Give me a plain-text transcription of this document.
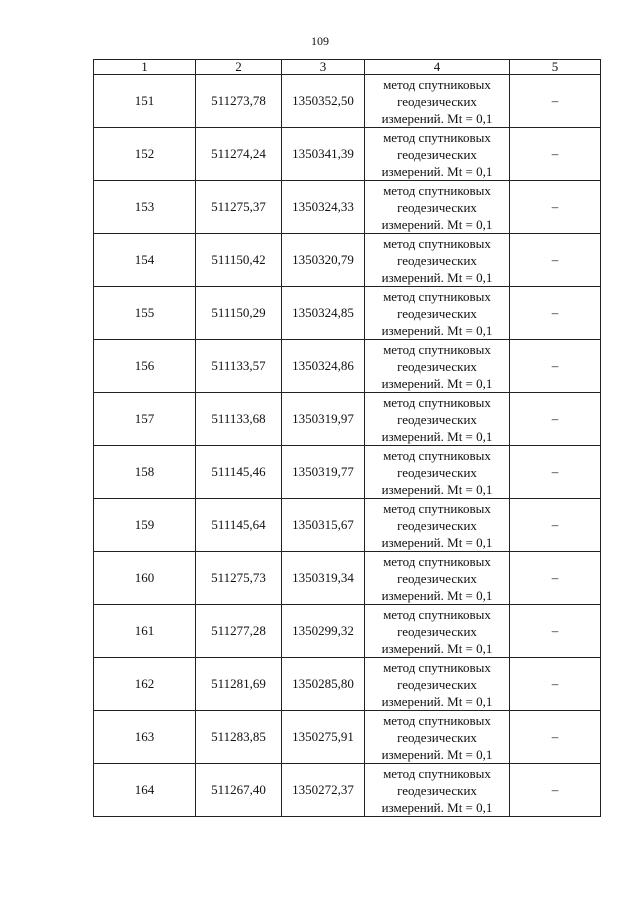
109
1	2	3	4	5
151	511273,78	1350352,50	метод спутниковых
геодезических
измерений. Mt = 0,1	–
152	511274,24	1350341,39	метод спутниковых
геодезических
измерений. Mt = 0,1	–
153	511275,37	1350324,33	метод спутниковых
геодезических
измерений. Mt = 0,1	–
154	511150,42	1350320,79	метод спутниковых
геодезических
измерений. Mt = 0,1	–
155	511150,29	1350324,85	метод спутниковых
геодезических
измерений. Mt = 0,1	–
156	511133,57	1350324,86	метод спутниковых
геодезических
измерений. Mt = 0,1	–
157	511133,68	1350319,97	метод спутниковых
геодезических
измерений. Mt = 0,1	–
158	511145,46	1350319,77	метод спутниковых
геодезических
измерений. Mt = 0,1	–
159	511145,64	1350315,67	метод спутниковых
геодезических
измерений. Mt = 0,1	–
160	511275,73	1350319,34	метод спутниковых
геодезических
измерений. Mt = 0,1	–
161	511277,28	1350299,32	метод спутниковых
геодезических
измерений. Mt = 0,1	–
162	511281,69	1350285,80	метод спутниковых
геодезических
измерений. Mt = 0,1	–
163	511283,85	1350275,91	метод спутниковых
геодезических
измерений. Mt = 0,1	–
164	511267,40	1350272,37	метод спутниковых
геодезических
измерений. Mt = 0,1	–
